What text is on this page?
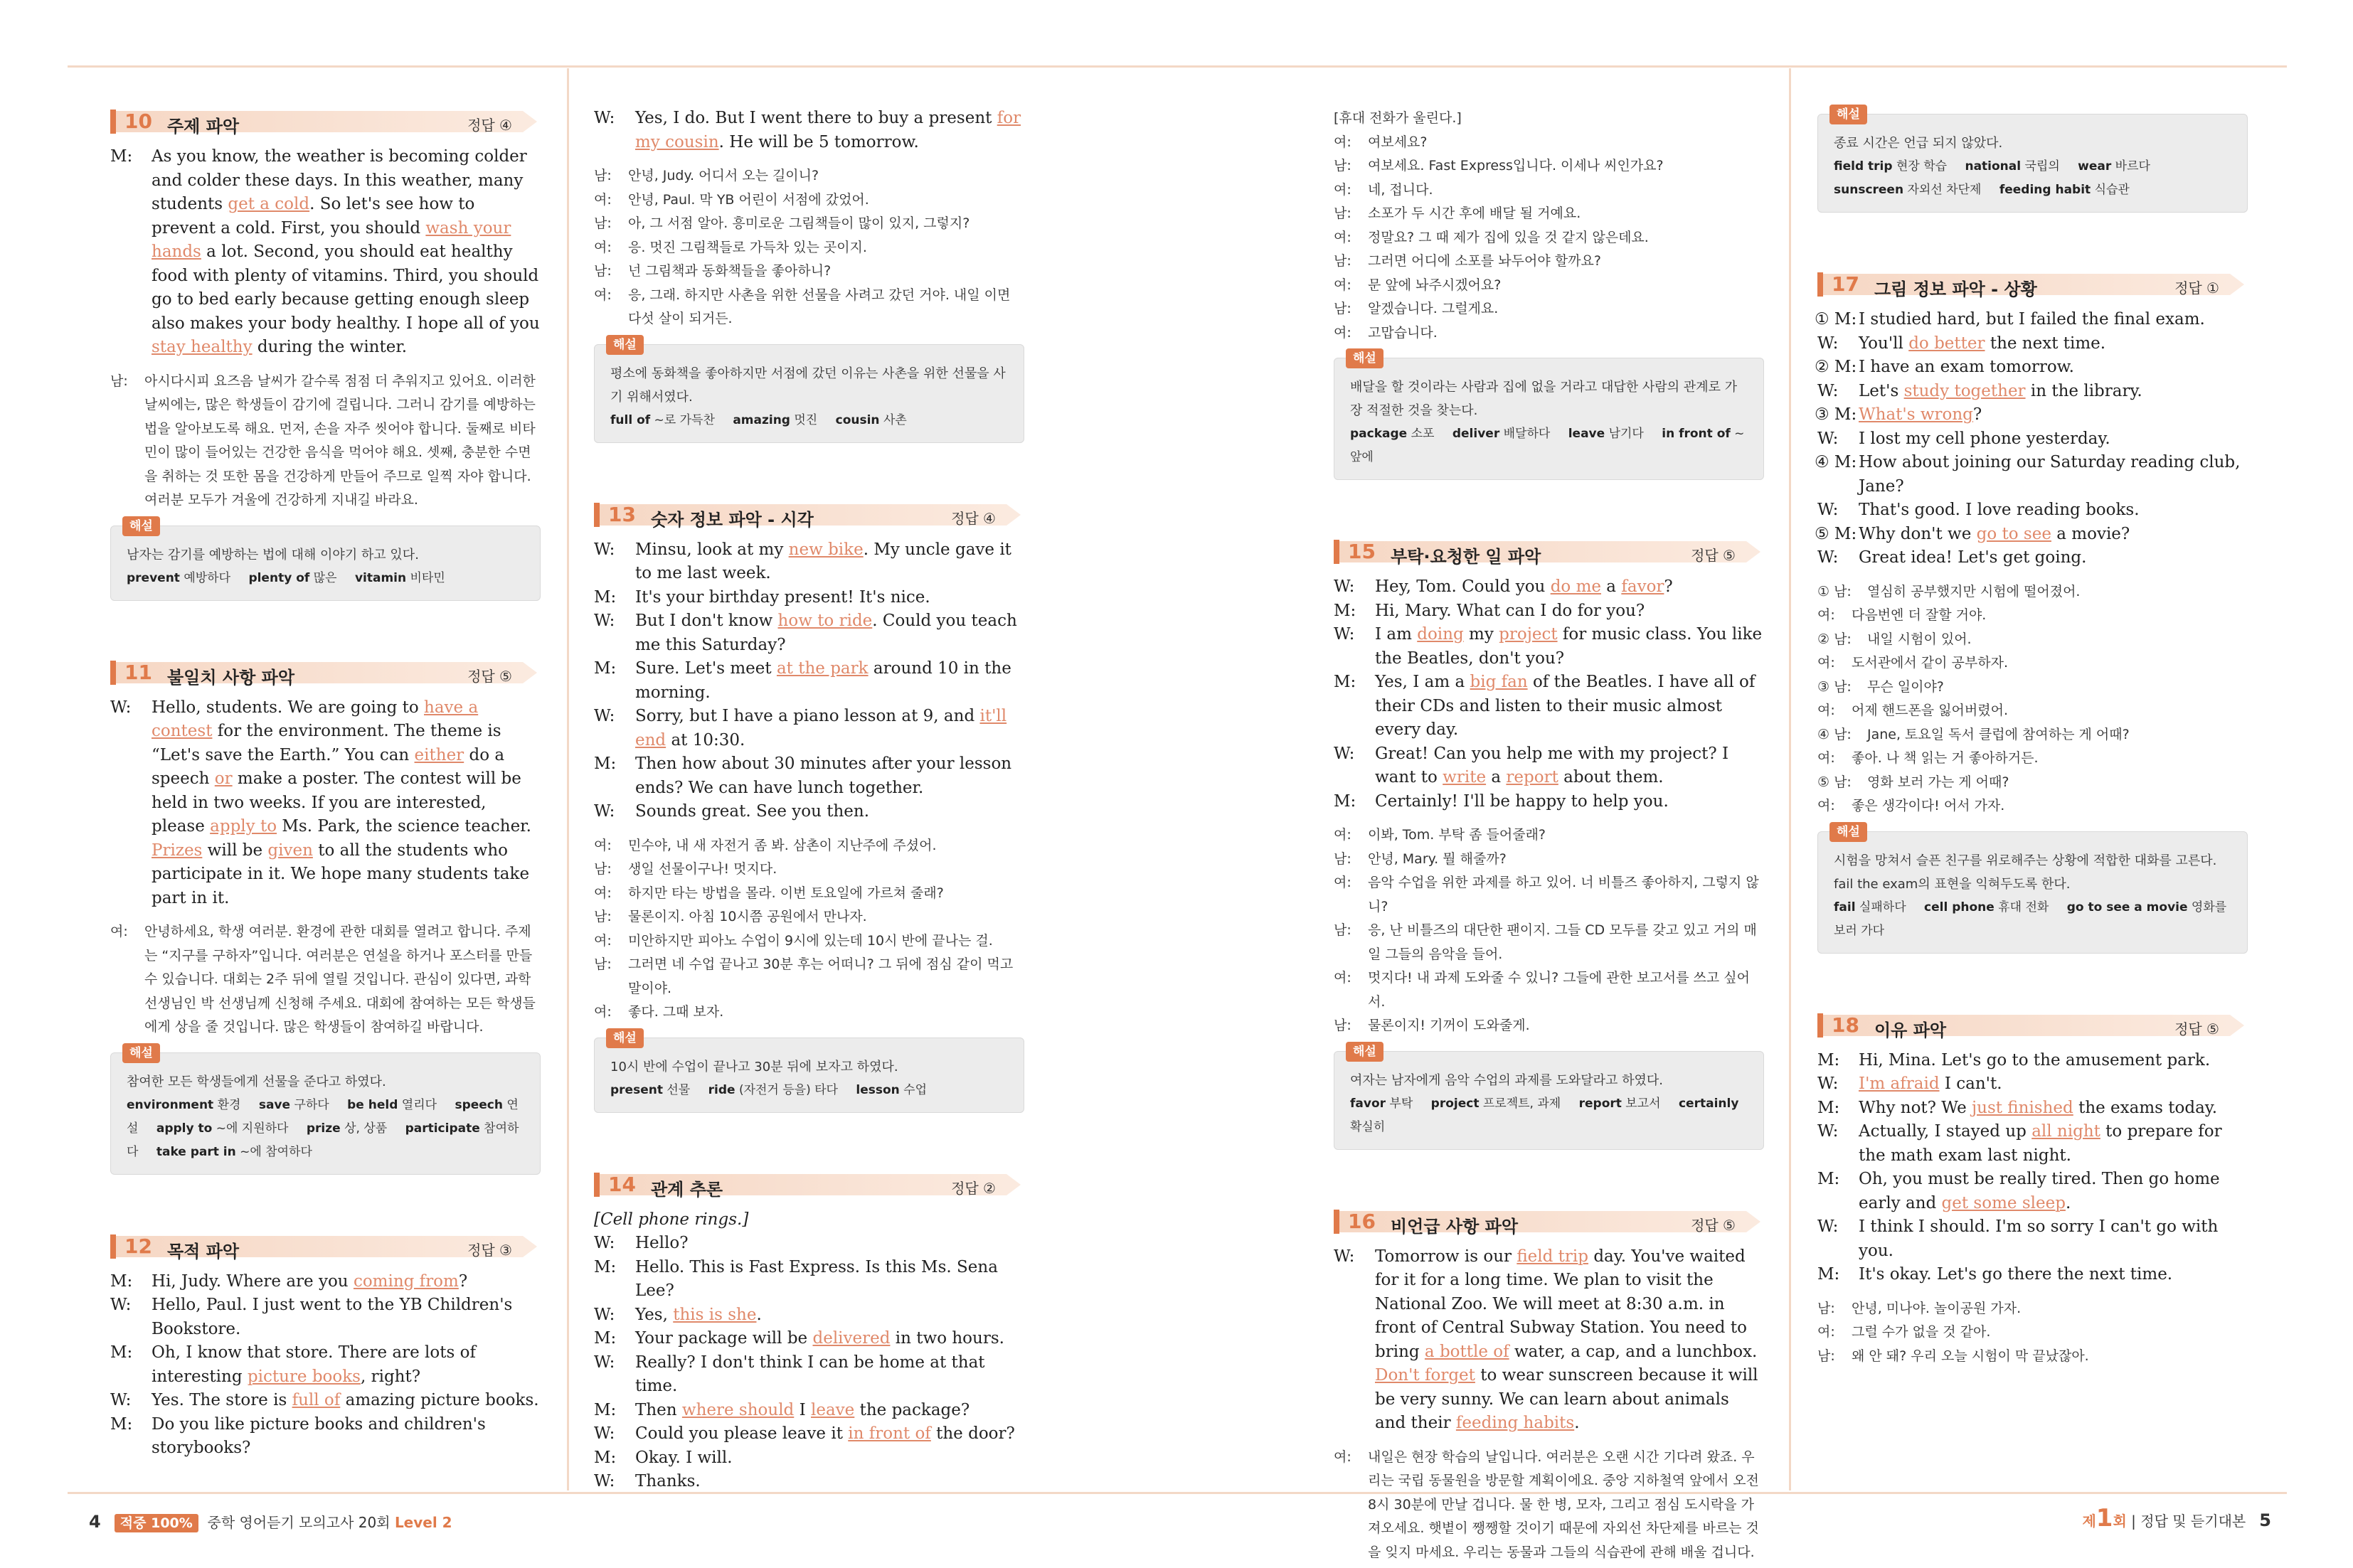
10 주제 파악	정답 ④
M: As you know, the weather is becoming colder and colder these days. In this weather, many students get a cold. So let's see how to prevent a cold. First, you should wash your hands a lot. Second, you should eat healthy food with plenty of vitamins. Third, you should go to bed early because getting enough sleep also makes your body healthy. I hope all of you stay healthy during the winter.
남: 아시다시피 요즈음 날씨가 갈수록 점점 더 추워지고 있어요. 이러한 날씨에는, 많은 학생들이 감기에 걸립니다. 그러니 감기를 예방하는 법을 알아보도록 해요. 먼저, 손을 자주 씻어야 합니다. 둘째로 비타민이 많이 들어있는 건강한 음식을 먹어야 해요. 셋째, 충분한 수면을 취하는 것 또한 몸을 건강하게 만들어 주므로 일찍 자야 합니다. 여러분 모두가 겨울에 건강하게 지내길 바라요.
해설
남자는 감기를 예방하는 법에 대해 이야기 하고 있다.
prevent 예방하다 plenty of 많은 vitamin 비타민
11 불일치 사항 파악	정답 ⑤
W: Hello, students. We are going to have a contest for the environment. The theme is “Let's save the Earth.” You can either do a speech or make a poster. The contest will be held in two weeks. If you are interested, please apply to Ms. Park, the science teacher. Prizes will be given to all the students who participate in it. We hope many students take part in it.
여: 안녕하세요, 학생 여러분. 환경에 관한 대회를 열려고 합니다. 주제는 “지구를 구하자”입니다. 여러분은 연설을 하거나 포스터를 만들 수 있습니다. 대회는 2주 뒤에 열릴 것입니다. 관심이 있다면, 과학 선생님인 박 선생님께 신청해 주세요. 대회에 참여하는 모든 학생들에게 상을 줄 것입니다. 많은 학생들이 참여하길 바랍니다.
해설
참여한 모든 학생들에게 선물을 준다고 하였다.
environment 환경 save 구하다 be held 열리다 speech 연설 apply to ~에 지원하다 prize 상, 상품 participate 참여하다 take part in ~에 참여하다
12 목적 파악	정답 ③
M: Hi, Judy. Where are you coming from?
W: Hello, Paul. I just went to the YB Children's Bookstore.
M: Oh, I know that store. There are lots of interesting picture books, right?
W: Yes. The store is full of amazing picture books.
M: Do you like picture books and children's storybooks?
W: Yes, I do. But I went there to buy a present for my cousin. He will be 5 tomorrow.
남: 안녕, Judy. 어디서 오는 길이니?
여: 안녕, Paul. 막 YB 어린이 서점에 갔었어.
남: 아, 그 서점 알아. 흥미로운 그림책들이 많이 있지, 그렇지?
여: 응. 멋진 그림책들로 가득차 있는 곳이지.
남: 넌 그림책과 동화책들을 좋아하니?
여: 응, 그래. 하지만 사촌을 위한 선물을 사려고 갔던 거야. 내일 이면 다섯 살이 되거든.
해설
평소에 동화책을 좋아하지만 서점에 갔던 이유는 사촌을 위한 선물을 사기 위해서였다.
full of ~로 가득찬 amazing 멋진 cousin 사촌
13 숫자 정보 파악 - 시각	정답 ④
W: Minsu, look at my new bike. My uncle gave it to me last week.
M: It's your birthday present! It's nice.
W: But I don't know how to ride. Could you teach me this Saturday?
M: Sure. Let's meet at the park around 10 in the morning.
W: Sorry, but I have a piano lesson at 9, and it'll end at 10:30.
M: Then how about 30 minutes after your lesson ends? We can have lunch together.
W: Sounds great. See you then.
여: 민수야, 내 새 자전거 좀 봐. 삼촌이 지난주에 주셨어.
남: 생일 선물이구나! 멋지다.
여: 하지만 타는 방법을 몰라. 이번 토요일에 가르쳐 줄래?
남: 물론이지. 아침 10시쯤 공원에서 만나자.
여: 미안하지만 피아노 수업이 9시에 있는데 10시 반에 끝나는 걸.
남: 그러면 네 수업 끝나고 30분 후는 어떠니? 그 뒤에 점심 같이 먹고 말이야.
여: 좋다. 그때 보자.
해설
10시 반에 수업이 끝나고 30분 뒤에 보자고 하였다.
present 선물 ride (자전거 등을) 타다 lesson 수업
14 관계 추론	정답 ②
[Cell phone rings.]
W: Hello?
M: Hello. This is Fast Express. Is this Ms. Sena Lee?
W: Yes, this is she.
M: Your package will be delivered in two hours.
W: Really? I don't think I can be home at that time.
M: Then where should I leave the package?
W: Could you please leave it in front of the door?
M: Okay. I will.
W: Thanks.
[휴대 전화가 울린다.]
여: 여보세요?
남: 여보세요. Fast Express입니다. 이세나 씨인가요?
여: 네, 접니다.
남: 소포가 두 시간 후에 배달 될 거예요.
여: 정말요? 그 때 제가 집에 있을 것 같지 않은데요.
남: 그러면 어디에 소포를 놔두어야 할까요?
여: 문 앞에 놔주시겠어요?
남: 알겠습니다. 그럴게요.
여: 고맙습니다.
해설
배달을 할 것이라는 사람과 집에 없을 거라고 대답한 사람의 관계로 가장 적절한 것을 찾는다.
package 소포 deliver 배달하다 leave 남기다 in front of ~앞에
15 부탁·요청한 일 파악	정답 ⑤
W: Hey, Tom. Could you do me a favor?
M: Hi, Mary. What can I do for you?
W: I am doing my project for music class. You like the Beatles, don't you?
M: Yes, I am a big fan of the Beatles. I have all of their CDs and listen to their music almost every day.
W: Great! Can you help me with my project? I want to write a report about them.
M: Certainly! I'll be happy to help you.
여: 이봐, Tom. 부탁 좀 들어줄래?
남: 안녕, Mary. 뭘 해줄까?
여: 음악 수업을 위한 과제를 하고 있어. 너 비틀즈 좋아하지, 그렇지 않니?
남: 응, 난 비틀즈의 대단한 팬이지. 그들 CD 모두를 갖고 있고 거의 매일 그들의 음악을 들어.
여: 멋지다! 내 과제 도와줄 수 있니? 그들에 관한 보고서를 쓰고 싶어서.
남: 물론이지! 기꺼이 도와줄게.
해설
여자는 남자에게 음악 수업의 과제를 도와달라고 하였다.
favor 부탁 project 프로젝트, 과제 report 보고서 certainly 확실히
16 비언급 사항 파악	정답 ⑤
W: Tomorrow is our field trip day. You've waited for it for a long time. We plan to visit the National Zoo. We will meet at 8:30 a.m. in front of Central Subway Station. You need to bring a bottle of water, a cap, and a lunchbox. Don't forget to wear sunscreen because it will be very sunny. We can learn about animals and their feeding habits.
여: 내일은 현장 학습의 날입니다. 여러분은 오랜 시간 기다려 왔죠. 우리는 국립 동물원을 방문할 계획이에요. 중앙 지하철역 앞에서 오전 8시 30분에 만날 겁니다. 물 한 병, 모자, 그리고 점심 도시락을 가져오세요. 햇볕이 쨍쨍할 것이기 때문에 자외선 차단제를 바르는 것을 잊지 마세요. 우리는 동물과 그들의 식습관에 관해 배울 겁니다.
해설
종료 시간은 언급 되지 않았다.
field trip 현장 학습 national 국립의 wear 바르다 sunscreen 자외선 차단제 feeding habit 식습관
17 그림 정보 파악 - 상황	정답 ①
① M: I studied hard, but I failed the final exam.
W: You'll do better the next time.
② M: I have an exam tomorrow.
W: Let's study together in the library.
③ M: What's wrong?
W: I lost my cell phone yesterday.
④ M: How about joining our Saturday reading club, Jane?
W: That's good. I love reading books.
⑤ M: Why don't we go to see a movie?
W: Great idea! Let's get going.
① 남: 열심히 공부했지만 시험에 떨어졌어.
여: 다음번엔 더 잘할 거야.
② 남: 내일 시험이 있어.
여: 도서관에서 같이 공부하자.
③ 남: 무슨 일이야?
여: 어제 핸드폰을 잃어버렸어.
④ 남: Jane, 토요일 독서 클럽에 참여하는 게 어때?
여: 좋아. 나 책 읽는 거 좋아하거든.
⑤ 남: 영화 보러 가는 게 어때?
여: 좋은 생각이다! 어서 가자.
해설
시험을 망쳐서 슬픈 친구를 위로해주는 상황에 적합한 대화를 고른다. fail the exam의 표현을 익혀두도록 한다.
fail 실패하다 cell phone 휴대 전화 go to see a movie 영화를 보러 가다
18 이유 파악	정답 ⑤
M: Hi, Mina. Let's go to the amusement park.
W: I'm afraid I can't.
M: Why not? We just finished the exams today.
W: Actually, I stayed up all night to prepare for the math exam last night.
M: Oh, you must be really tired. Then go home early and get some sleep.
W: I think I should. I'm so sorry I can't go with you.
M: It's okay. Let's go there the next time.
남: 안녕, 미나야. 놀이공원 가자.
여: 그럴 수가 없을 것 같아.
남: 왜 안 돼? 우리 오늘 시험이 막 끝났잖아.
4 적중 100% 중학 영어듣기 모의고사 20회 Level 2	제1회 | 정답 및 듣기대본 5
